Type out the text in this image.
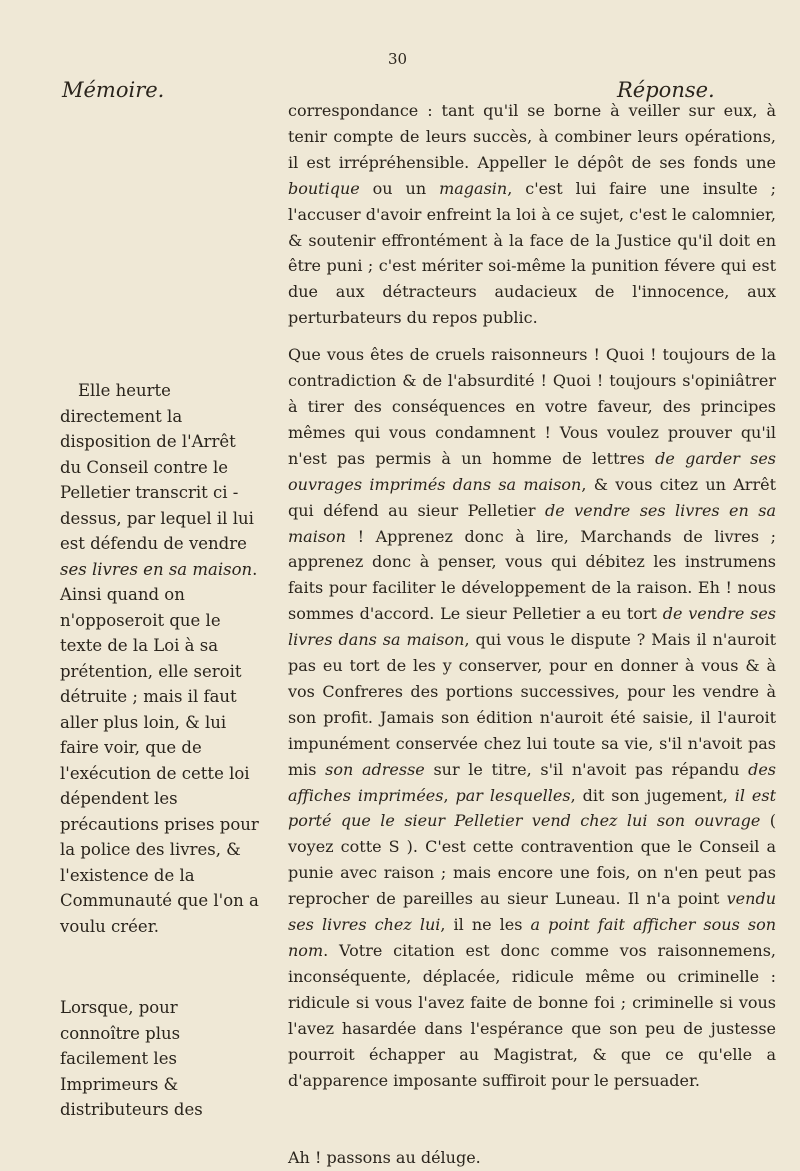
Mémoire.
30
Réponse.

correspondance : tant qu'il se borne à veiller sur eux, à tenir compte de leurs succès, à combiner leurs opérations, il est irrépréhensible. Appeller le dépôt de ses fonds une boutique ou un magasin, c'est lui faire une insulte ; l'accuser d'avoir enfreint la loi à ce sujet, c'est le calomnier, & soutenir effrontément à la face de la Justice qu'il doit en être puni ; c'est mériter soi-même la punition févere qui est due aux détracteurs audacieux de l'innocence, aux perturbateurs du repos public.

Que vous êtes de cruels raisonneurs ! Quoi ! toujours de la contradiction & de l'absurdité ! Quoi ! toujours s'opiniâtrer à tirer des conséquences en votre faveur, des principes mêmes qui vous condamnent ! Vous voulez prouver qu'il n'est pas permis à un homme de lettres de garder ses ouvrages imprimés dans sa maison, & vous citez un Arrêt qui défend au sieur Pelletier de vendre ses livres en sa maison ! Apprenez donc à lire, Marchands de livres ; apprenez donc à penser, vous qui débitez les instrumens faits pour faciliter le développement de la raison. Eh ! nous sommes d'accord. Le sieur Pelletier a eu tort de vendre ses livres dans sa maison, qui vous le dispute ? Mais il n'auroit pas eu tort de les y conserver, pour en donner à vous & à vos Confreres des portions successives, pour les vendre à son profit. Jamais son édition n'auroit été saisie, il l'auroit impunément conservée chez lui toute sa vie, s'il n'avoit pas mis son adresse sur le titre, s'il n'avoit pas répandu des affiches imprimées, par lesquelles, dit son jugement, il est porté que le sieur Pelletier vend chez lui son ouvrage ( voyez cotte S ). C'est cette contravention que le Conseil a punie avec raison ; mais encore une fois, on n'en peut pas reprocher de pareilles au sieur Luneau. Il n'a point vendu ses livres chez lui, il ne les a point fait afficher sous son nom. Votre citation est donc comme vos raisonnemens, inconséquente, déplacée, ridicule même ou criminelle : ridicule si vous l'avez faite de bonne foi ; criminelle si vous l'avez hasardée dans l'espérance que son peu de justesse pourroit échapper au Magistrat, & que ce qu'elle a d'apparence imposante suffiroit pour le persuader.

Ah ! passons au déluge.

Elle heurte directement la disposition de l'Arrêt du Conseil contre le Pelletier transcrit ci - dessus, par lequel il lui est défendu de vendre ses livres en sa maison. Ainsi quand on n'opposeroit que le texte de la Loi à sa prétention, elle seroit détruite ; mais il faut aller plus loin, & lui faire voir, que de l'exécution de cette loi dépendent les précautions prises pour la police des livres, & l'existence de la Communauté que l'on a voulu créer.

Lorsque, pour connoître plus facilement les Imprimeurs & distributeurs des
